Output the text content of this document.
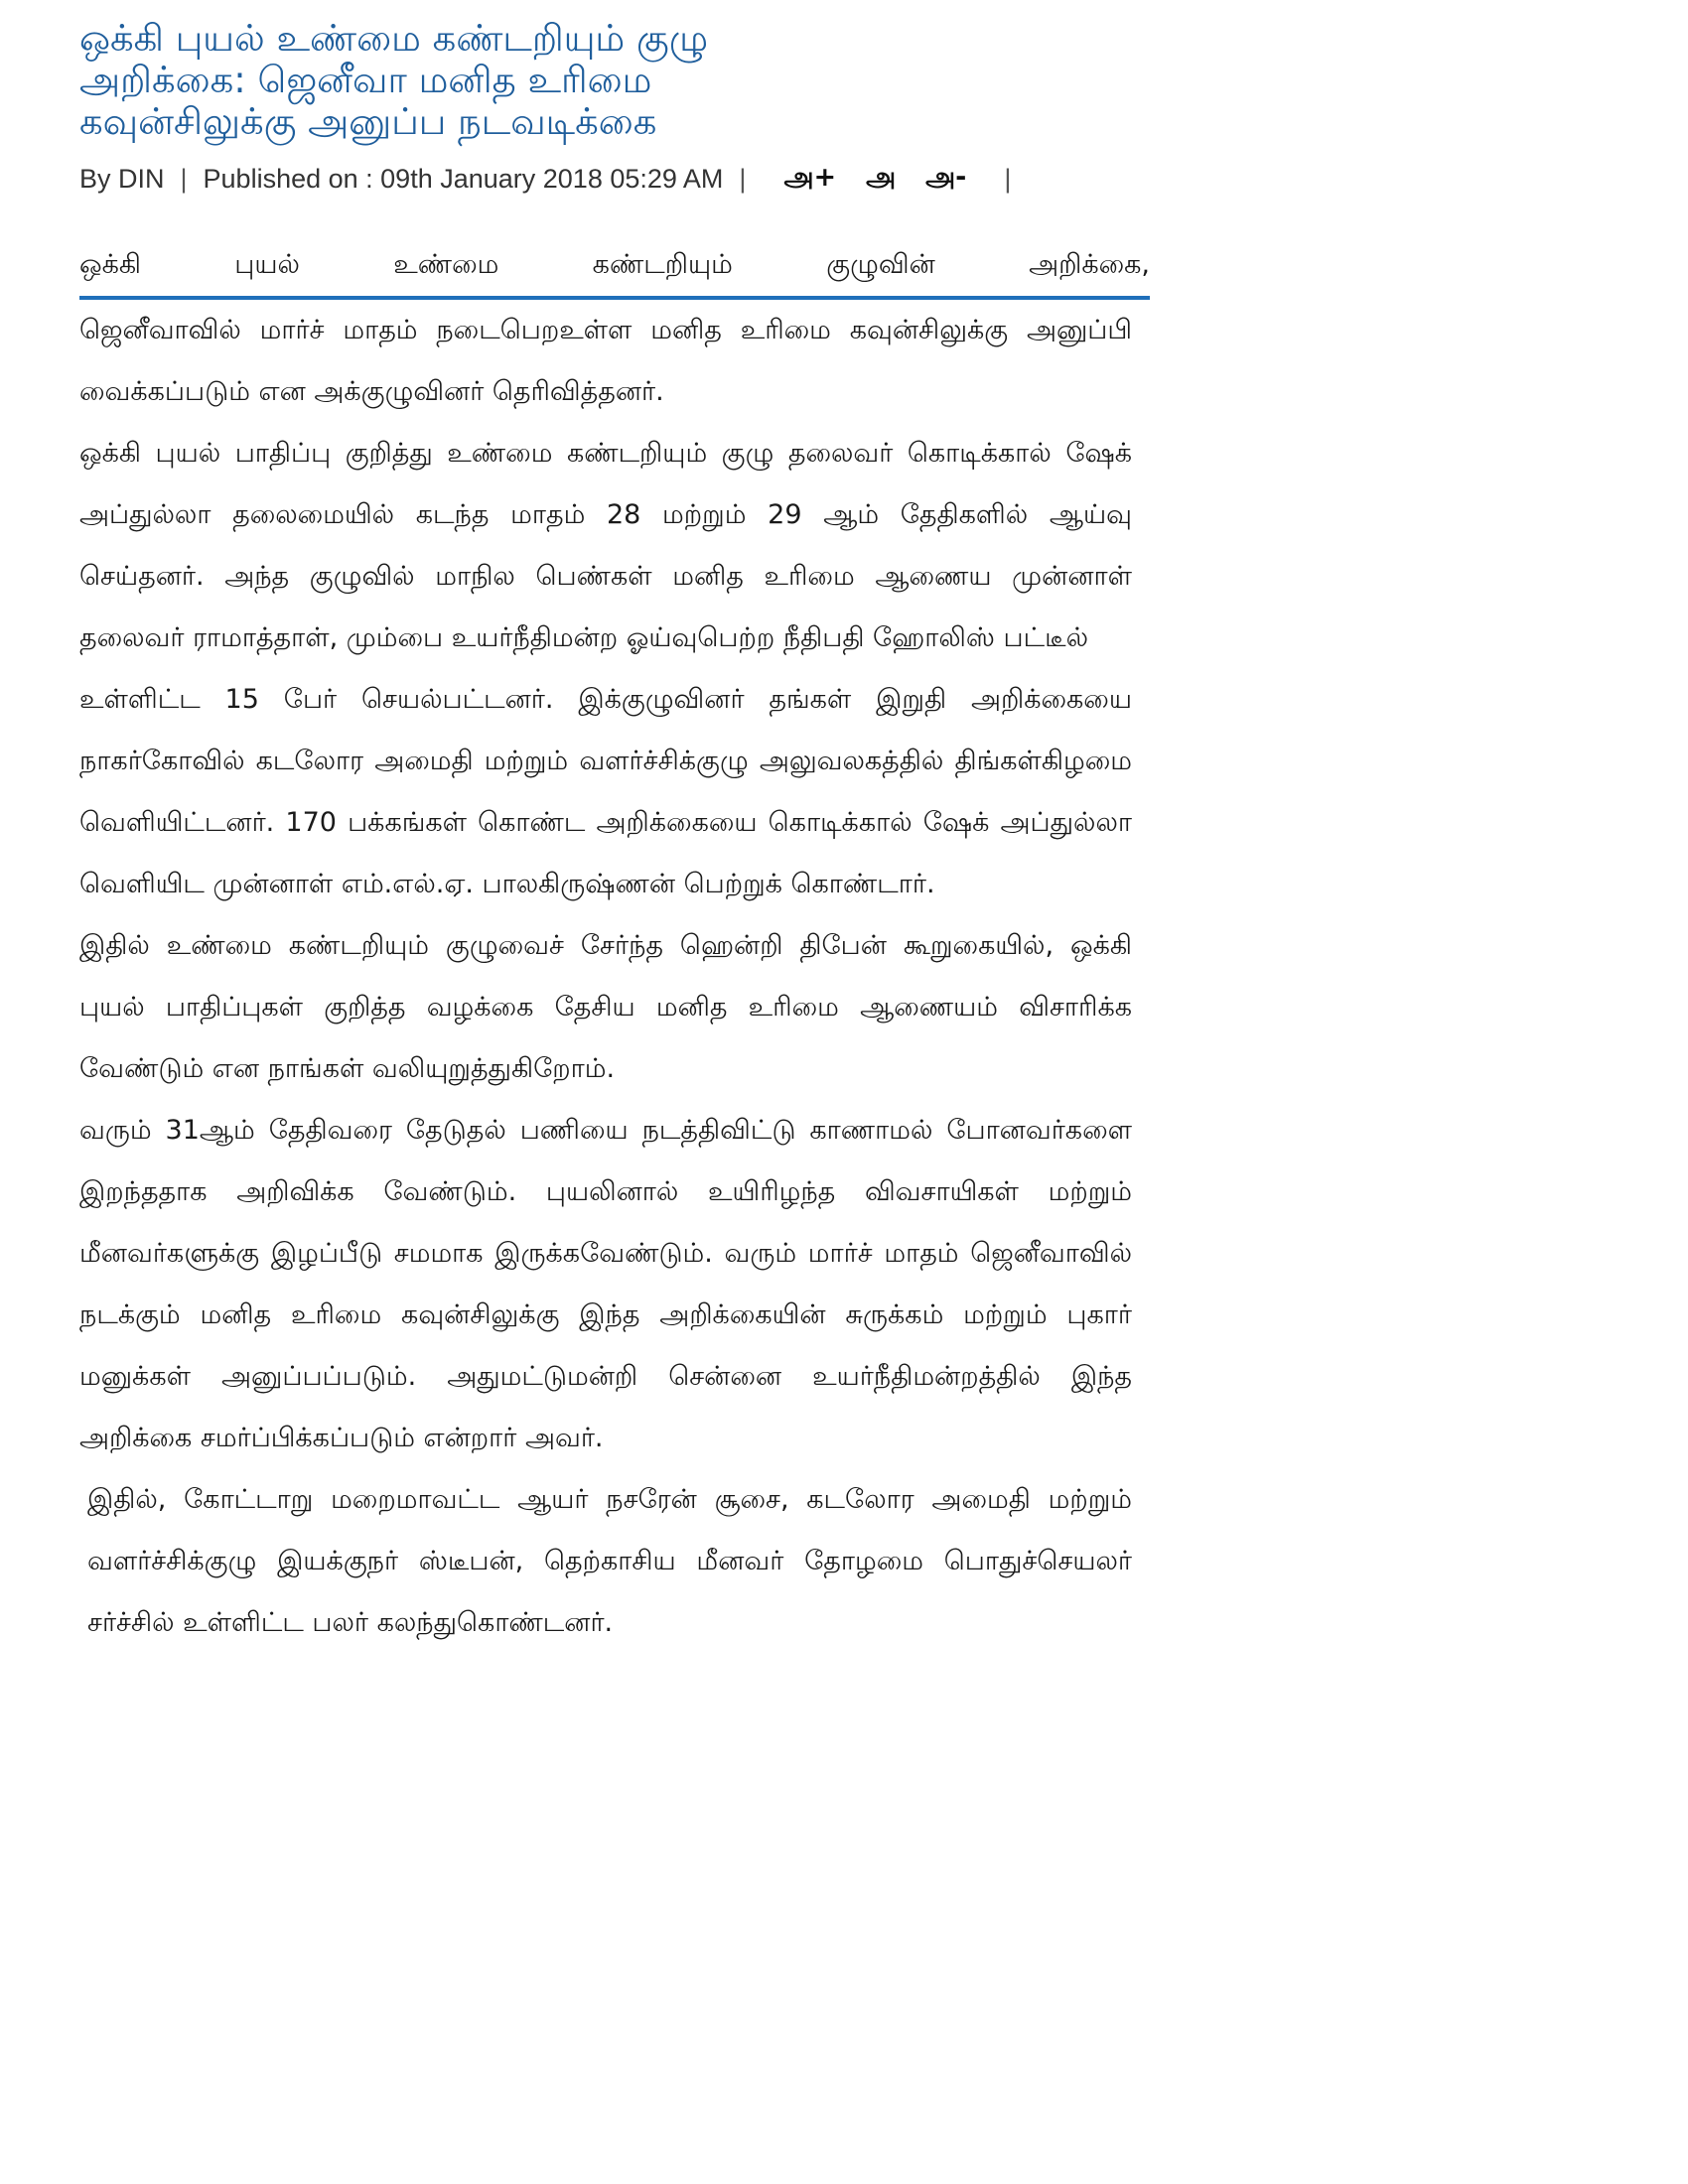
ஒக்கி புயல் உண்மை கண்டறியும் குழு
அறிக்கை: ஜெனீவா மனித உரிமை
கவுன்சிலுக்கு அனுப்ப நடவடிக்கை
By DIN | Published on : 09th January 2018 05:29 AM | அ+ அ அ- |

ஒக்கி புயல் உண்மை கண்டறியும் குழுவின் அறிக்கை,

ஜெனீவாவில் மார்ச் மாதம் நடைபெறஉள்ள மனித உரிமை கவுன்சிலுக்கு அனுப்பி வைக்கப்படும் என அக்குழுவினர் தெரிவித்தனர்.

ஒக்கி புயல் பாதிப்பு குறித்து உண்மை கண்டறியும் குழு தலைவர் கொடிக்கால் ஷேக் அப்துல்லா தலைமையில் கடந்த மாதம் 28 மற்றும் 29 ஆம் தேதிகளில் ஆய்வு செய்தனர். அந்த குழுவில் மாநில பெண்கள் மனித உரிமை ஆணைய முன்னாள் தலைவர் ராமாத்தாள், மும்பை உயர்நீதிமன்ற ஓய்வுபெற்ற நீதிபதி ஹோலிஸ் பட்டீல்

உள்ளிட்ட 15 பேர் செயல்பட்டனர். இக்குழுவினர் தங்கள் இறுதி அறிக்கையை நாகர்கோவில் கடலோர அமைதி மற்றும் வளர்ச்சிக்குழு அலுவலகத்தில் திங்கள்கிழமை வெளியிட்டனர். 170 பக்கங்கள் கொண்ட அறிக்கையை கொடிக்கால் ஷேக் அப்துல்லா வெளியிட முன்னாள் எம்.எல்.ஏ. பாலகிருஷ்ணன் பெற்றுக் கொண்டார்.

இதில் உண்மை கண்டறியும் குழுவைச் சேர்ந்த ஹென்றி திபேன் கூறுகையில், ஒக்கி புயல் பாதிப்புகள் குறித்த வழக்கை தேசிய மனித உரிமை ஆணையம் விசாரிக்க வேண்டும் என நாங்கள் வலியுறுத்துகிறோம்.

வரும் 31ஆம் தேதிவரை தேடுதல் பணியை நடத்திவிட்டு காணாமல் போனவர்களை இறந்ததாக அறிவிக்க வேண்டும். புயலினால் உயிரிழந்த விவசாயிகள் மற்றும் மீனவர்களுக்கு இழப்பீடு சமமாக இருக்கவேண்டும். வரும் மார்ச் மாதம் ஜெனீவாவில் நடக்கும் மனித உரிமை கவுன்சிலுக்கு இந்த அறிக்கையின் சுருக்கம் மற்றும் புகார் மனுக்கள் அனுப்பப்படும். அதுமட்டுமன்றி சென்னை உயர்நீதிமன்றத்தில் இந்த அறிக்கை சமர்ப்பிக்கப்படும் என்றார் அவர்.

இதில், கோட்டாறு மறைமாவட்ட ஆயர் நசரேன் சூசை, கடலோர அமைதி மற்றும் வளர்ச்சிக்குழு இயக்குநர் ஸ்டீபன், தெற்காசிய மீனவர் தோழமை பொதுச்செயலர் சர்ச்சில் உள்ளிட்ட பலர் கலந்துகொண்டனர்.
